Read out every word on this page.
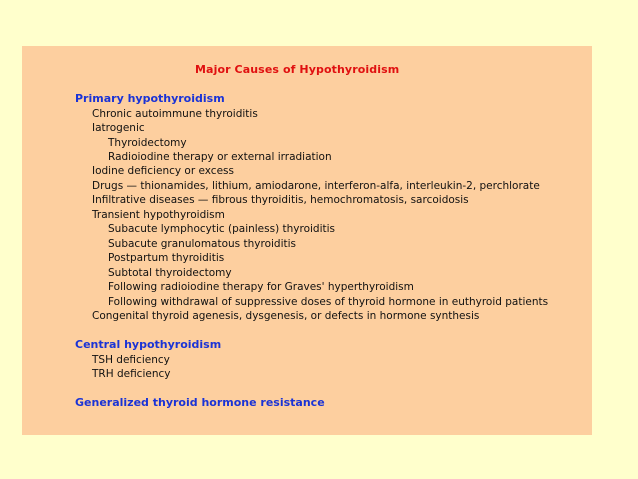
Major Causes of Hypothyroidism
Primary hypothyroidism
Chronic autoimmune thyroiditis
Iatrogenic
Thyroidectomy
Radioiodine therapy or external irradiation
Iodine deficiency or excess
Drugs — thionamides, lithium, amiodarone, interferon-alfa, interleukin-2, perchlorate
Infiltrative diseases — fibrous thyroiditis, hemochromatosis, sarcoidosis
Transient hypothyroidism
Subacute lymphocytic (painless) thyroiditis
Subacute granulomatous thyroiditis
Postpartum thyroiditis
Subtotal thyroidectomy
Following radioiodine therapy for Graves' hyperthyroidism
Following withdrawal of suppressive doses of thyroid hormone in euthyroid patients
Congenital thyroid agenesis, dysgenesis, or defects in hormone synthesis
Central hypothyroidism
TSH deficiency
TRH deficiency
Generalized thyroid hormone resistance
